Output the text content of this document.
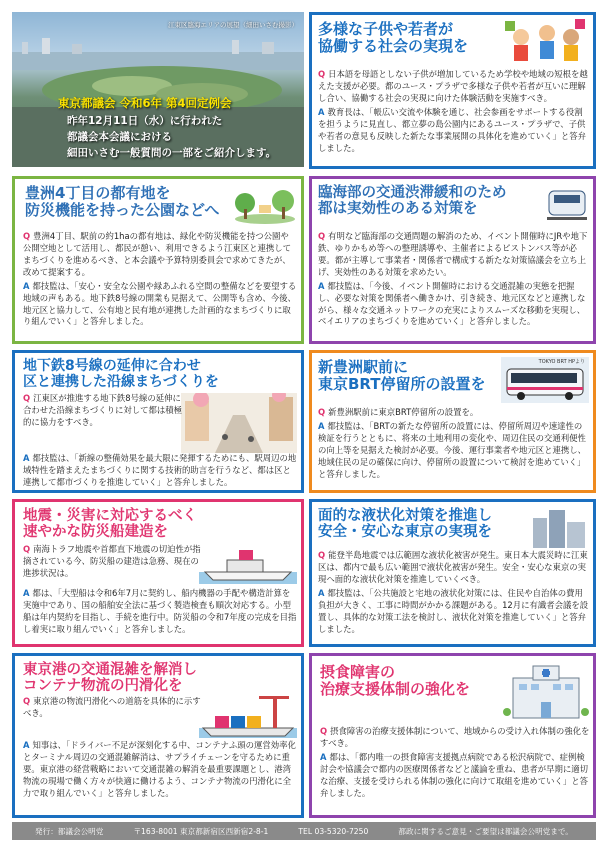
江東区臨海エリアの展望（細田いさむ撮影）
東京都議会 令和6年 第4回定例会
昨年12月11日（水）に行われた
都議会本会議における
細田いさむ一般質問の一部をご紹介します。
多様な子供や若者が
協働する社会の実現を

Q 日本語を母語としない子供が増加しているため学校や地域の短根を越えた支援が必要。都のユース・プラザで多様な子供や若者が互いに理解し合い、協働する社会の実現に向けた体験活動を実施すべき。

A 教育長は、「帳広い交流や体験を通じ、社会参画をサポートする役割を担うように見直し、都立夢の島公園内にあるユース・プラザで、子供や若者の意見も反映した新たな事業展開の具体化を進めていく」と答弁しました。

豊洲4丁目の都有地を
防災機能を持った公園などへ

Q 豊洲4丁目、駅前の約1haの都有地は、緑化や防災機能を持つ公園や公開空地として活用し、都民が憩い、利用できるよう江東区と連携してまちづくりを進めるべき、と本会議や予算特別委員会で求めてきたが、改めて提案する。

A 都技監は、「安心・安全な公園や緑あふれる空間の整備などを要望する地域の声もある。地下鉄8号線の開業も見据えて、公開等も含め、今後、地元区と協力して、公有地と民有地が連携した計画的なまちづくりに取り組んでいく」と答弁しました。

臨海部の交通渋滞緩和のため
都は実効性のある対策を

Q 有明など臨海部の交通問題の解消のため、イベント開催時にJRや地下鉄、ゆりかもめ等への整理誘導や、主催者によるピストンバス等が必要。都が主導して事業者・関係者で構成する新たな対策協議会を立ち上げ、実効性のある対策を求めたい。

A 都技監は、「今後、イベント開催時における交通混雑の実態を把握し、必要な対策を関係者へ働きかけ、引き続き、地元区などと連携しながら、様々な交通ネットワークの充実によりスムーズな移動を実現し、ベイエリアのまちづくりを進めていく」と答弁しました。

地下鉄8号線の延伸に合わせ
区と連携した沿線まちづくりを

Q 江東区が推進する地下鉄8号線の延伸に合わせた沿線まちづくりに対して都は積極的に協力をすべき。

A 都技監は、「新線の整備効果を最大限に発揮するためにも、駅周辺の地域特性を踏まえたまちづくりに関する技術的助言を行うなど、都は区と連携して都市づくりを推進していく」と答弁しました。

新豊洲駅前に
東京BRT停留所の設置を
TOKYO BRT HPより

Q 新豊洲駅前に東京BRT停留所の設置を。

A 都技監は、「BRTの新たな停留所の設置には、停留所周辺や速達性の検証を行うとともに、将来の土地利用の変化や、周辺住民の交通利便性の向上等を見据えた検討が必要。今後、運行事業者や地元区と連携し、地域住民の足の確保に向け、停留所の設置について検討を進めていく」と答弁しました。

地震・災害に対応するべく
速やかな防災船建造を

Q 南海トラフ地震や首都直下地震の切迫性が指摘されている今、防災船の建造は急務、現在の進捗状況は。

A 都は、「大型船は令和6年7月に契約し、船内機器の手配や構造計算を実施中であり、国の船舶安全法に基づく製造検査も順次対応する。小型船は年内契約を目指し、手続を進行中。防災船の令和7年度の完成を目指し着実に取り組んでいく」と答弁しました。

面的な液状化対策を推進し
安全・安心な東京の実現を

Q 能登半島地震では広範囲な液状化被害が発生。東日本大震災時に江東区は、都内で最も広い範囲で液状化被害が発生。安全・安心な東京の実現へ面的な液状化対策を推進していくべき。

A 都技監は、「公共施設と宅地の液状化対策には、住民や自治体の費用負担が大きく、工事に時間がかかる課題がある。12月に有識者会議を設置し、具体的な対策工法を検討し、液状化対策を推進していく」と答弁しました。

東京港の交通混雑を解消し
コンテナ物流の円滑化を

Q 東京港の物流円滑化への道筋を具体的に示すべき。

A 知事は、「ドライバー不足が深刻化する中、コンテナふ頭の運営効率化とターミナル周辺の交通混雑解消は、サプライチェーンを守るために重要。東京港の経営戦略において交通混雑の解消を最重要課題とし、港湾物流の現場で働く方々が快適に働けるよう、コンテナ物流の円滑化に全力で取り組んでいく」と答弁しました。

摂食障害の
治療支援体制の強化を

Q 摂食障害の治療支援体制について、地域からの受け入れ体制の強化をすべき。

A 都は、「都内唯一の摂食障害支援拠点病院である松沢病院で、症例検討会や協議会で都内の医療関係者などと議論を重ね、患者が早期に適切な治療、支援を受けられる体制の強化に向けて取組を進めていく」と答弁しました。

発行：都議会公明党	〒163-8001 東京都新宿区西新宿2-8-1	TEL 03-5320-7250	都政に関するご意見・ご要望は都議会公明党まで。
